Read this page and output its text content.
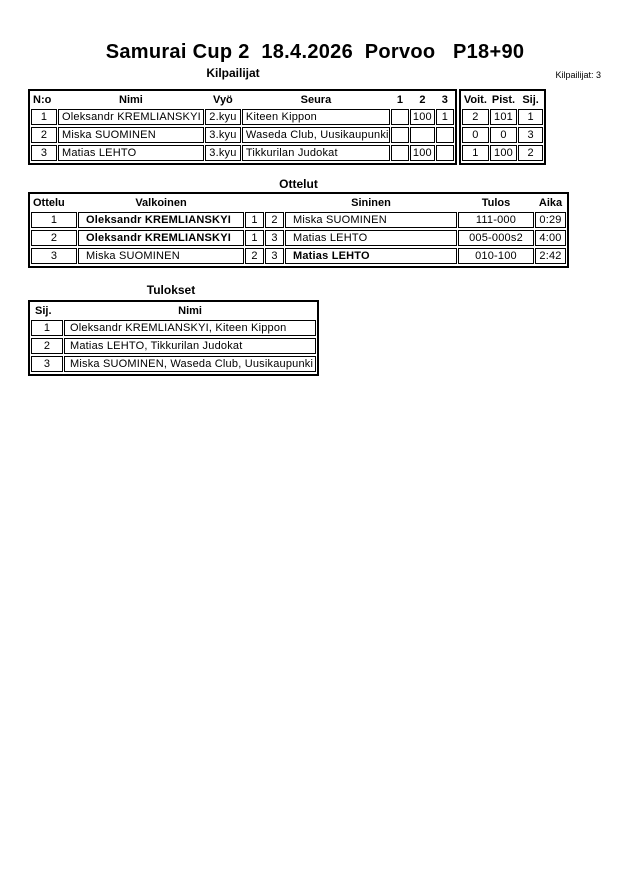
Samurai Cup 2  18.4.2026  Porvoo   P18+90
Kilpailijat	Kilpailijat: 3
N:o	Nimi	Vyö	Seura	1	2	3
1	Oleksandr KREMLIANSKYI	2.kyu	Kiteen Kippon		100	1
2	Miska SUOMINEN	3.kyu	Waseda Club, Uusikaupunki			
3	Matias LEHTO	3.kyu	Tikkurilan Judokat		100	
Voit.	Pist.	Sij.
2	101	1
0	0	3
1	100	2
Ottelut
Ottelu	Valkoinen			Sininen	Tulos	Aika
1	Oleksandr KREMLIANSKYI	1	2	Miska SUOMINEN	111-000	0:29
2	Oleksandr KREMLIANSKYI	1	3	Matias LEHTO	005-000s2	4:00
3	Miska SUOMINEN	2	3	Matias LEHTO	010-100	2:42
Tulokset
Sij.	Nimi
1	Oleksandr KREMLIANSKYI, Kiteen Kippon
2	Matias LEHTO, Tikkurilan Judokat
3	Miska SUOMINEN, Waseda Club, Uusikaupunki
